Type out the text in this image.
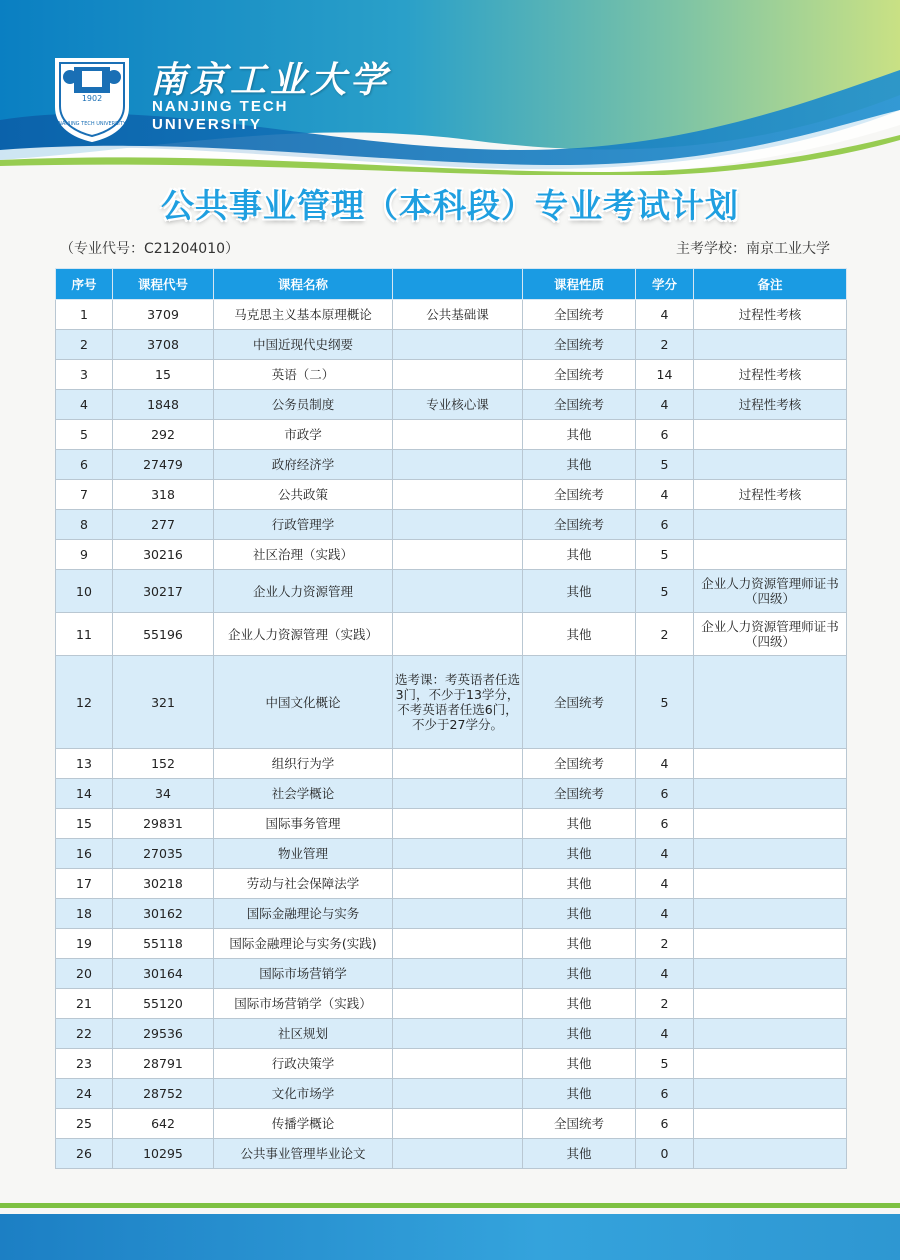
1902
NANJING TECH UNIVERSITY
南京工业大学
NANJING TECH
UNIVERSITY
公共事业管理（本科段）专业考试计划
（专业代号：C21204010）	主考学校：南京工业大学
序号	课程代号	课程名称		课程性质	学分	备注
1	3709	马克思主义基本原理概论	公共基础课	全国统考	4	过程性考核
2	3708	中国近现代史纲要		全国统考	2	
3	15	英语（二）		全国统考	14	过程性考核
4	1848	公务员制度	专业核心课	全国统考	4	过程性考核
5	292	市政学		其他	6	
6	27479	政府经济学		其他	5	
7	318	公共政策		全国统考	4	过程性考核
8	277	行政管理学		全国统考	6	
9	30216	社区治理（实践）		其他	5	
10	30217	企业人力资源管理		其他	5	企业人力资源管理师证书（四级）
11	55196	企业人力资源管理（实践）		其他	2	企业人力资源管理师证书（四级）
12	321	中国文化概论	选考课：考英语者任选3门，不少于13学分，不考英语者任选6门，不少于27学分。	全国统考	5	
13	152	组织行为学		全国统考	4	
14	34	社会学概论		全国统考	6	
15	29831	国际事务管理		其他	6	
16	27035	物业管理		其他	4	
17	30218	劳动与社会保障法学		其他	4	
18	30162	国际金融理论与实务		其他	4	
19	55118	国际金融理论与实务(实践)		其他	2	
20	30164	国际市场营销学		其他	4	
21	55120	国际市场营销学（实践）		其他	2	
22	29536	社区规划		其他	4	
23	28791	行政决策学		其他	5	
24	28752	文化市场学		其他	6	
25	642	传播学概论		全国统考	6	
26	10295	公共事业管理毕业论文		其他	0	
